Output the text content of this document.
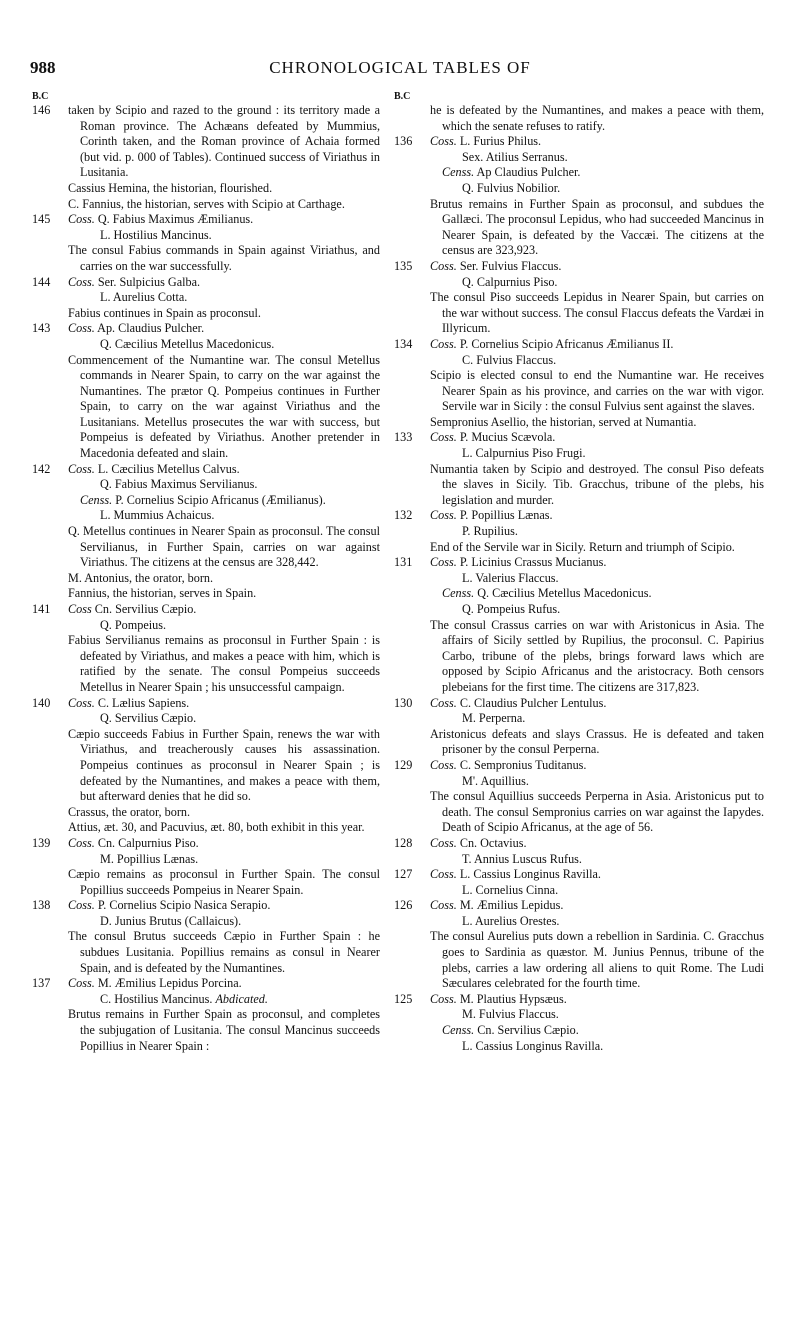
988	CHRONOLOGICAL TABLES OF
B.C
146	taken by Scipio and razed to the ground : its territory made a Roman province. The Achæans defeated by Mummius, Corinth taken, and the Roman province of Achaia formed (but vid. p. 000 of Tables). Continued success of Viriathus in Lusitania.

Cassius Hemina, the historian, flourished.

C. Fannius, the historian, serves with Scipio at Carthage.

145	Coss. Q. Fabius Maximus Æmilianus.

L. Hostilius Mancinus.

The consul Fabius commands in Spain against Viriathus, and carries on the war successfully.

144	Coss. Ser. Sulpicius Galba.

L. Aurelius Cotta.

Fabius continues in Spain as proconsul.

143	Coss. Ap. Claudius Pulcher.

Q. Cæcilius Metellus Macedonicus.

Commencement of the Numantine war. The consul Metellus commands in Nearer Spain, to carry on the war against the Numantines. The prætor Q. Pompeius continues in Further Spain, to carry on the war against Viriathus and the Lusitanians. Metellus prosecutes the war with success, but Pompeius is defeated by Viriathus. Another pretender in Macedonia defeated and slain.

142	Coss. L. Cæcilius Metellus Calvus.

Q. Fabius Maximus Servilianus.

Censs. P. Cornelius Scipio Africanus (Æmilianus).

L. Mummius Achaicus.

Q. Metellus continues in Nearer Spain as proconsul. The consul Servilianus, in Further Spain, carries on war against Viriathus. The citizens at the census are 328,442.

M. Antonius, the orator, born.

Fannius, the historian, serves in Spain.

141	Coss Cn. Servilius Cæpio.

Q. Pompeius.

Fabius Servilianus remains as proconsul in Further Spain : is defeated by Viriathus, and makes a peace with him, which is ratified by the senate. The consul Pompeius succeeds Metellus in Nearer Spain ; his unsuccessful campaign.

140	Coss. C. Lælius Sapiens.

Q. Servilius Cæpio.

Cæpio succeeds Fabius in Further Spain, renews the war with Viriathus, and treacherously causes his assassination. Pompeius continues as proconsul in Nearer Spain ; is defeated by the Numantines, and makes a peace with them, but afterward denies that he did so.

Crassus, the orator, born.

Attius, æt. 30, and Pacuvius, æt. 80, both exhibit in this year.

139	Coss. Cn. Calpurnius Piso.

M. Popillius Lænas.

Cæpio remains as proconsul in Further Spain. The consul Popillius succeeds Pompeius in Nearer Spain.

138	Coss. P. Cornelius Scipio Nasica Serapio.

D. Junius Brutus (Callaicus).

The consul Brutus succeeds Cæpio in Further Spain : he subdues Lusitania. Popillius remains as consul in Nearer Spain, and is defeated by the Numantines.

137	Coss. M. Æmilius Lepidus Porcina.

C. Hostilius Mancinus. Abdicated.

Brutus remains in Further Spain as proconsul, and completes the subjugation of Lusitania. The consul Mancinus succeeds Popillius in Nearer Spain :

B.C

he is defeated by the Numantines, and makes a peace with them, which the senate refuses to ratify.

136	Coss. L. Furius Philus.

Sex. Atilius Serranus.

Censs. Ap Claudius Pulcher.

Q. Fulvius Nobilior.

Brutus remains in Further Spain as proconsul, and subdues the Gallæci. The proconsul Lepidus, who had succeeded Mancinus in Nearer Spain, is defeated by the Vaccæi. The citizens at the census are 323,923.

135	Coss. Ser. Fulvius Flaccus.

Q. Calpurnius Piso.

The consul Piso succeeds Lepidus in Nearer Spain, but carries on the war without success. The consul Flaccus defeats the Vardæi in Illyricum.

134	Coss. P. Cornelius Scipio Africanus Æmilianus II.

C. Fulvius Flaccus.

Scipio is elected consul to end the Numantine war. He receives Nearer Spain as his province, and carries on the war with vigor. Servile war in Sicily : the consul Fulvius sent against the slaves.

Sempronius Asellio, the historian, served at Numantia.

133	Coss. P. Mucius Scævola.

L. Calpurnius Piso Frugi.

Numantia taken by Scipio and destroyed. The consul Piso defeats the slaves in Sicily. Tib. Gracchus, tribune of the plebs, his legislation and murder.

132	Coss. P. Popillius Lænas.

P. Rupilius.

End of the Servile war in Sicily. Return and triumph of Scipio.

131	Coss. P. Licinius Crassus Mucianus.

L. Valerius Flaccus.

Censs. Q. Cæcilius Metellus Macedonicus.

Q. Pompeius Rufus.

The consul Crassus carries on war with Aristonicus in Asia. The affairs of Sicily settled by Rupilius, the proconsul. C. Papirius Carbo, tribune of the plebs, brings forward laws which are opposed by Scipio Africanus and the aristocracy. Both censors plebeians for the first time. The citizens are 317,823.

130	Coss. C. Claudius Pulcher Lentulus.

M. Perperna.

Aristonicus defeats and slays Crassus. He is defeated and taken prisoner by the consul Perperna.

129	Coss. C. Sempronius Tuditanus.

M'. Aquillius.

The consul Aquillius succeeds Perperna in Asia. Aristonicus put to death. The consul Sempronius carries on war against the Iapydes. Death of Scipio Africanus, at the age of 56.

128	Coss. Cn. Octavius.

T. Annius Luscus Rufus.

127	Coss. L. Cassius Longinus Ravilla.

L. Cornelius Cinna.

126	Coss. M. Æmilius Lepidus.

L. Aurelius Orestes.

The consul Aurelius puts down a rebellion in Sardinia. C. Gracchus goes to Sardinia as quæstor. M. Junius Pennus, tribune of the plebs, carries a law ordering all aliens to quit Rome. The Ludi Sæculares celebrated for the fourth time.

125	Coss. M. Plautius Hypsæus.

M. Fulvius Flaccus.

Censs. Cn. Servilius Cæpio.

L. Cassius Longinus Ravilla.
